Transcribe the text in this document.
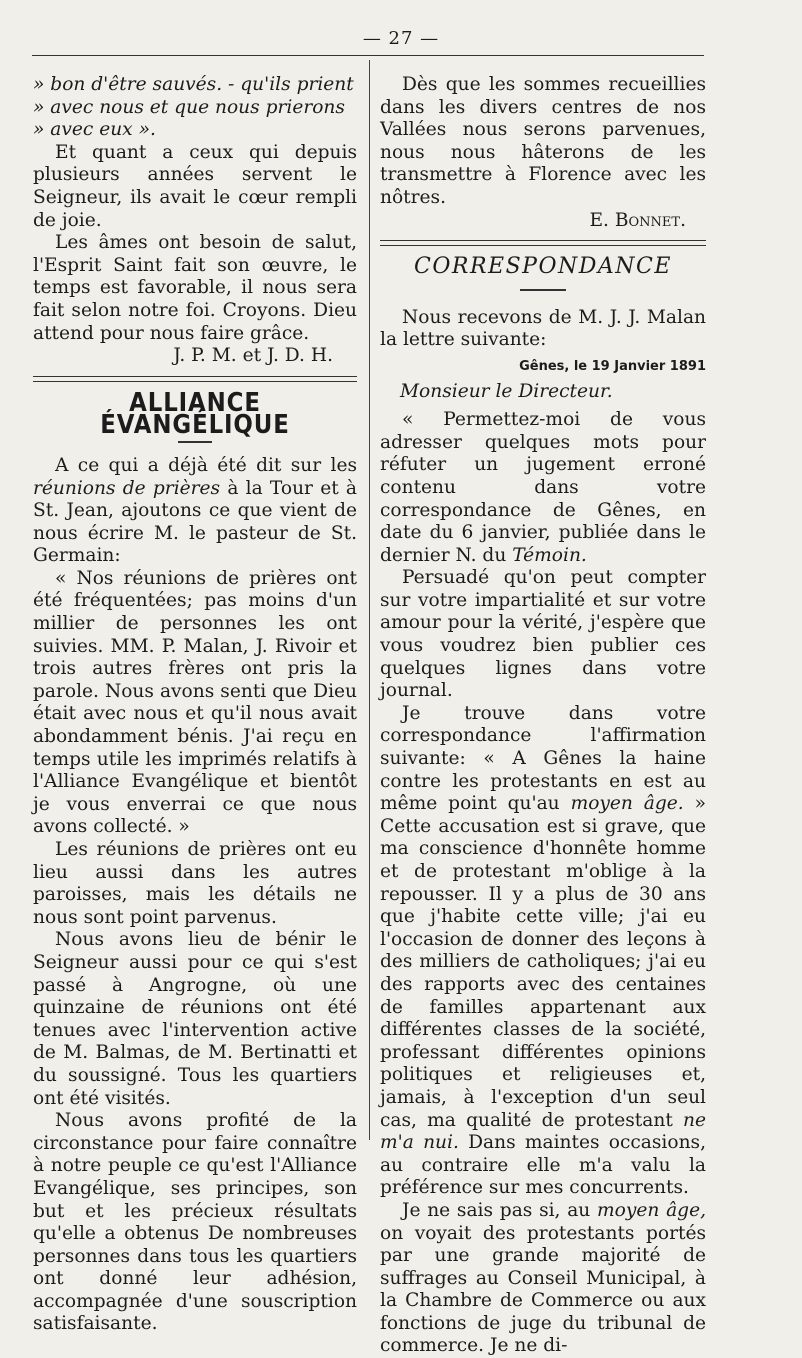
— 27 —

» bon d'être sauvés. - qu'ils prient

» avec nous et que nous prierons

» avec eux ».

Et quant a ceux qui depuis plusieurs années servent le Seigneur, ils avait le cœur rempli de joie.

Les âmes ont besoin de salut, l'Esprit Saint fait son œuvre, le temps est favorable, il nous sera fait selon notre foi. Croyons. Dieu attend pour nous faire grâce.

J. P. M. et J. D. H.

ALLIANCE ÉVANGÉLIQUE

A ce qui a déjà été dit sur les réunions de prières à la Tour et à St. Jean, ajoutons ce que vient de nous écrire M. le pasteur de St. Germain:

« Nos réunions de prières ont été fréquentées; pas moins d'un millier de personnes les ont suivies. MM. P. Malan, J. Rivoir et trois autres frères ont pris la parole. Nous avons senti que Dieu était avec nous et qu'il nous avait abondamment bénis. J'ai reçu en temps utile les imprimés relatifs à l'Alliance Evangélique et bientôt je vous enverrai ce que nous avons collecté. »

Les réunions de prières ont eu lieu aussi dans les autres paroisses, mais les détails ne nous sont point parvenus.

Nous avons lieu de bénir le Seigneur aussi pour ce qui s'est passé à Angrogne, où une quinzaine de réunions ont été tenues avec l'intervention active de M. Balmas, de M. Bertinatti et du soussigné. Tous les quartiers ont été visités.

Nous avons profité de la circonstance pour faire connaître à notre peuple ce qu'est l'Alliance Evangélique, ses principes, son but et les précieux résultats qu'elle a obtenus De nombreuses personnes dans tous les quartiers ont donné leur adhésion, accompagnée d'une souscription satisfaisante.

Dès que les sommes recueillies dans les divers centres de nos Vallées nous serons parvenues, nous nous hâterons de les transmettre à Florence avec les nôtres.

E. Bonnet.

CORRESPONDANCE

Nous recevons de M. J. J. Malan la lettre suivante:

Gênes, le 19 Janvier 1891

Monsieur le Directeur.

« Permettez-moi de vous adresser quelques mots pour réfuter un jugement erroné contenu dans votre correspondance de Gênes, en date du 6 janvier, publiée dans le dernier N. du Témoin.

Persuadé qu'on peut compter sur votre impartialité et sur votre amour pour la vérité, j'espère que vous voudrez bien publier ces quelques lignes dans votre journal.

Je trouve dans votre correspondance l'affirmation suivante: « A Gênes la haine contre les protestants en est au même point qu'au moyen âge. » Cette accusation est si grave, que ma conscience d'honnête homme et de protestant m'oblige à la repousser. Il y a plus de 30 ans que j'habite cette ville; j'ai eu l'occasion de donner des leçons à des milliers de catholiques; j'ai eu des rapports avec des centaines de familles appartenant aux différentes classes de la société, professant différentes opinions politiques et religieuses et, jamais, à l'exception d'un seul cas, ma qualité de protestant ne m'a nui. Dans maintes occasions, au contraire elle m'a valu la préférence sur mes concurrents.

Je ne sais pas si, au moyen âge, on voyait des protestants portés par une grande majorité de suffrages au Conseil Municipal, à la Chambre de Commerce ou aux fonctions de juge du tribunal de commerce. Je ne di-
